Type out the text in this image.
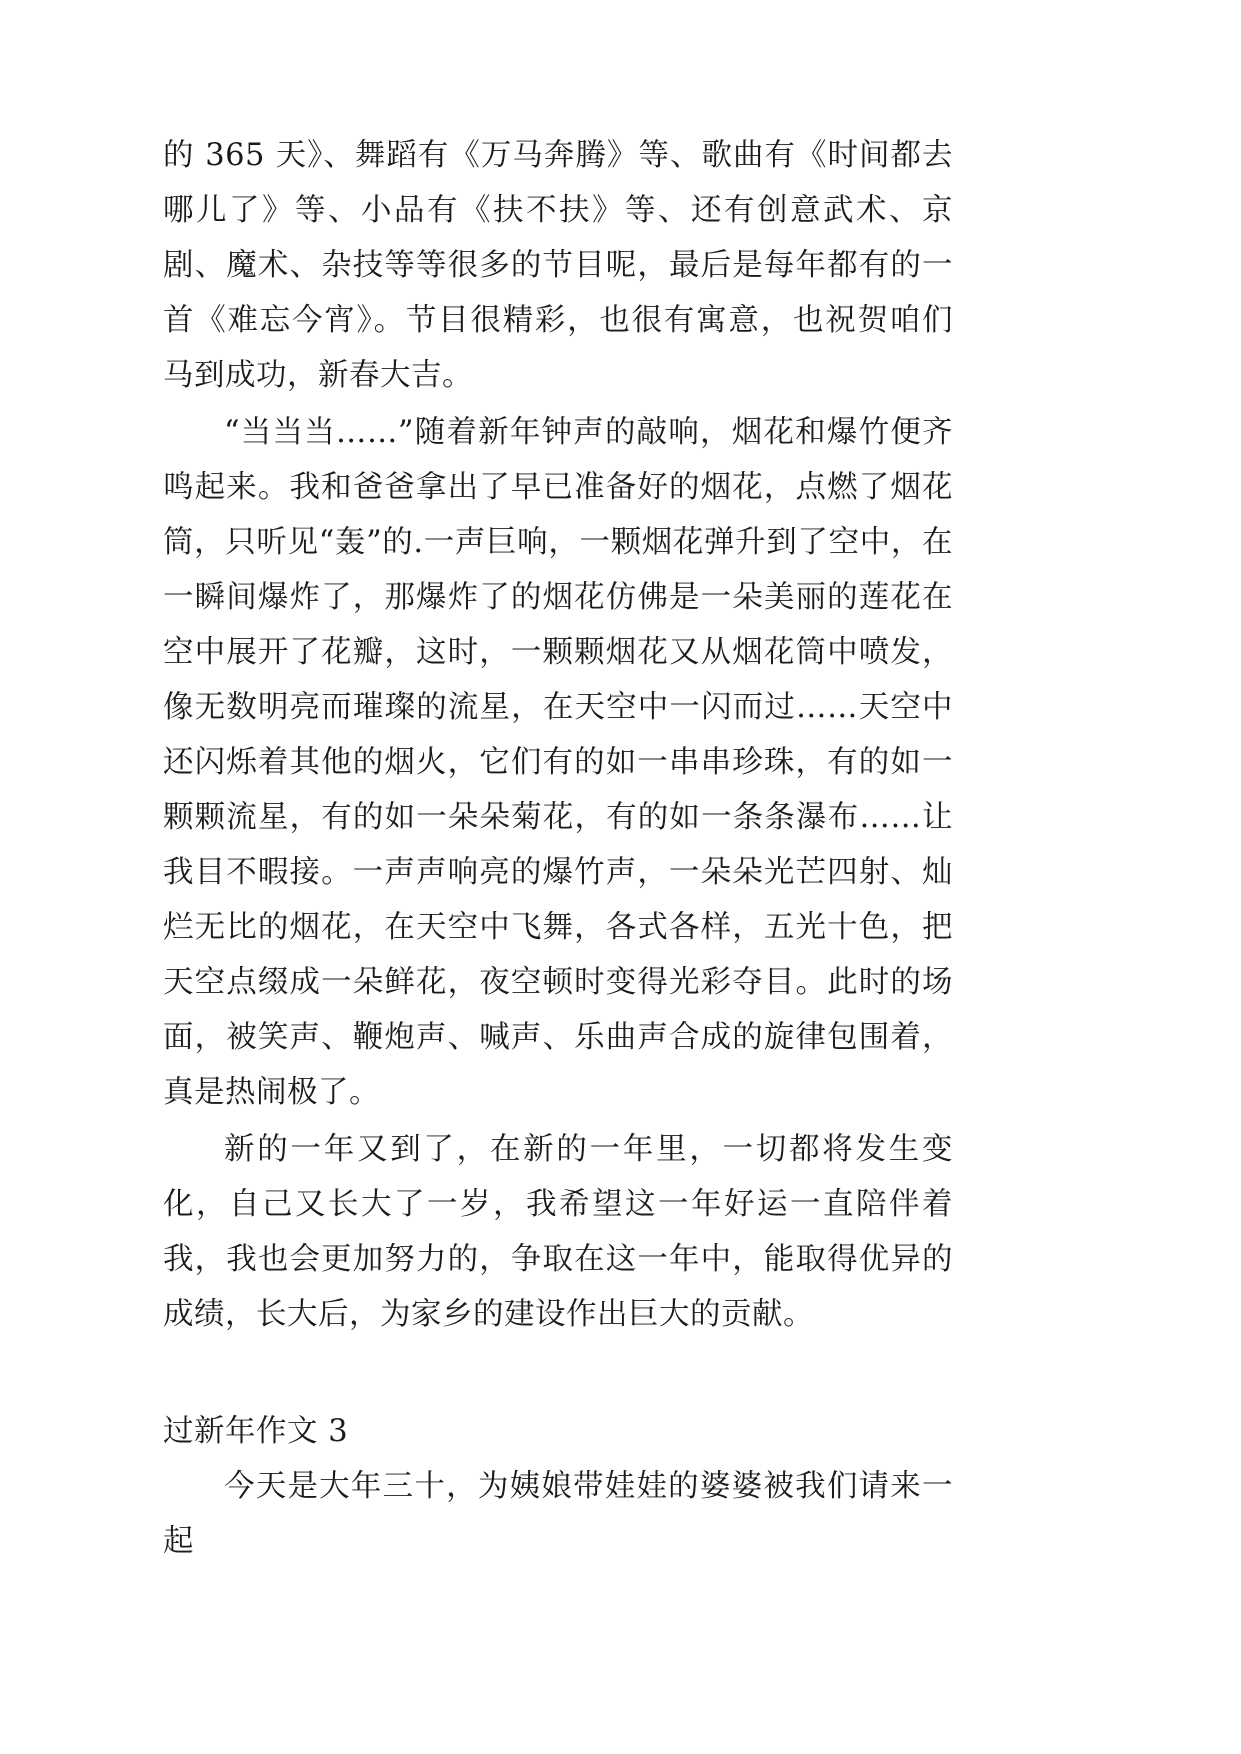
的 365 天》、舞蹈有《万马奔腾》等、歌曲有《时间都去哪儿了》等、小品有《扶不扶》等、还有创意武术、京剧、魔术、杂技等等很多的节目呢，最后是每年都有的一首《难忘今宵》。节目很精彩，也很有寓意，也祝贺咱们马到成功，新春大吉。

“当当当……”随着新年钟声的敲响，烟花和爆竹便齐鸣起来。我和爸爸拿出了早已准备好的烟花，点燃了烟花筒，只听见“轰”的.一声巨响，一颗烟花弹升到了空中，在一瞬间爆炸了，那爆炸了的烟花仿佛是一朵美丽的莲花在空中展开了花瓣，这时，一颗颗烟花又从烟花筒中喷发，像无数明亮而璀璨的流星，在天空中一闪而过……天空中还闪烁着其他的烟火，它们有的如一串串珍珠，有的如一颗颗流星，有的如一朵朵菊花，有的如一条条瀑布……让我目不暇接。一声声响亮的爆竹声，一朵朵光芒四射、灿烂无比的烟花，在天空中飞舞，各式各样，五光十色，把天空点缀成一朵鲜花，夜空顿时变得光彩夺目。此时的场面，被笑声、鞭炮声、喊声、乐曲声合成的旋律包围着，真是热闹极了。

新的一年又到了，在新的一年里，一切都将发生变化，自己又长大了一岁，我希望这一年好运一直陪伴着我，我也会更加努力的，争取在这一年中，能取得优异的成绩，长大后，为家乡的建设作出巨大的贡献。

过新年作文 3

今天是大年三十，为姨娘带娃娃的婆婆被我们请来一起
